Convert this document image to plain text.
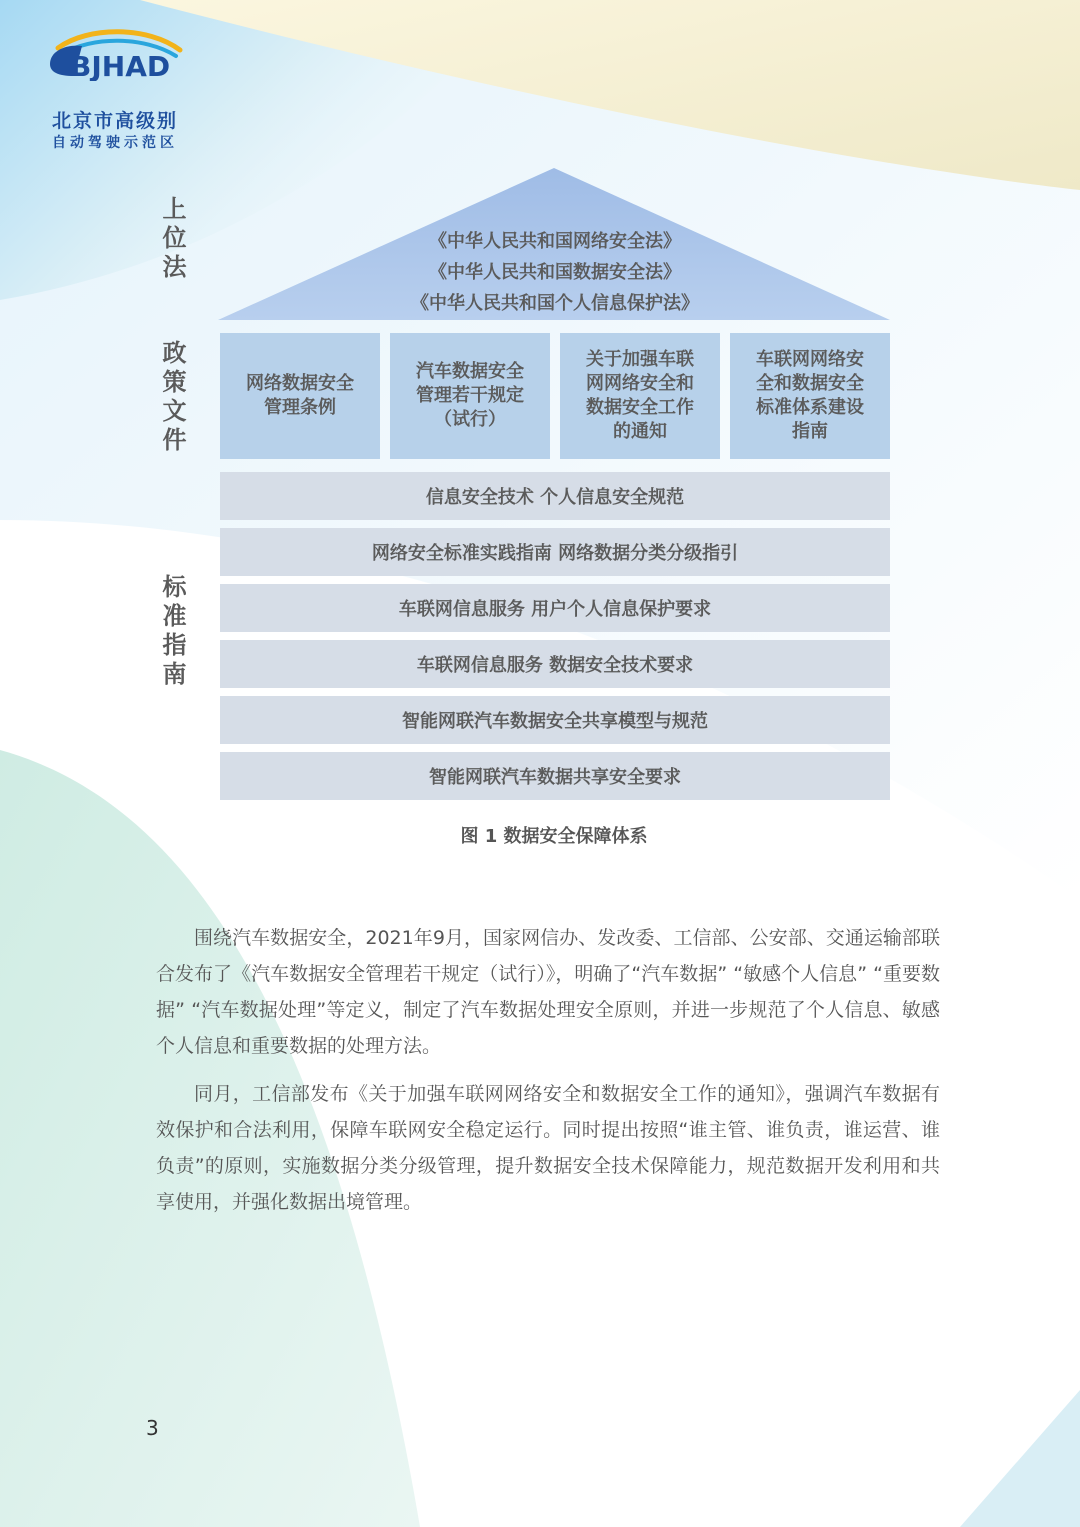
BJHAD
北京市高级别
自动驾驶示范区
上位法
政策文件
标准指南
《中华人民共和国网络安全法》
《中华人民共和国数据安全法》
《中华人民共和国个人信息保护法》
网络数据安全
管理条例
汽车数据安全
管理若干规定
（试行）
关于加强车联
网网络安全和
数据安全工作
的通知
车联网网络安
全和数据安全
标准体系建设
指南
信息安全技术 个人信息安全规范
网络安全标准实践指南 网络数据分类分级指引
车联网信息服务 用户个人信息保护要求
车联网信息服务 数据安全技术要求
智能网联汽车数据安全共享模型与规范
智能网联汽车数据共享安全要求
图 1 数据安全保障体系

围绕汽车数据安全，2021年9月，国家网信办、发改委、工信部、公安部、交通运输部联合发布了《汽车数据安全管理若干规定（试行）》，明确了“汽车数据” “敏感个人信息” “重要数据” “汽车数据处理”等定义，制定了汽车数据处理安全原则，并进一步规范了个人信息、敏感个人信息和重要数据的处理方法。

同月，工信部发布《关于加强车联网网络安全和数据安全工作的通知》，强调汽车数据有效保护和合法利用，保障车联网安全稳定运行。同时提出按照“谁主管、谁负责，谁运营、谁负责”的原则，实施数据分类分级管理，提升数据安全技术保障能力，规范数据开发利用和共享使用，并强化数据出境管理。

3
